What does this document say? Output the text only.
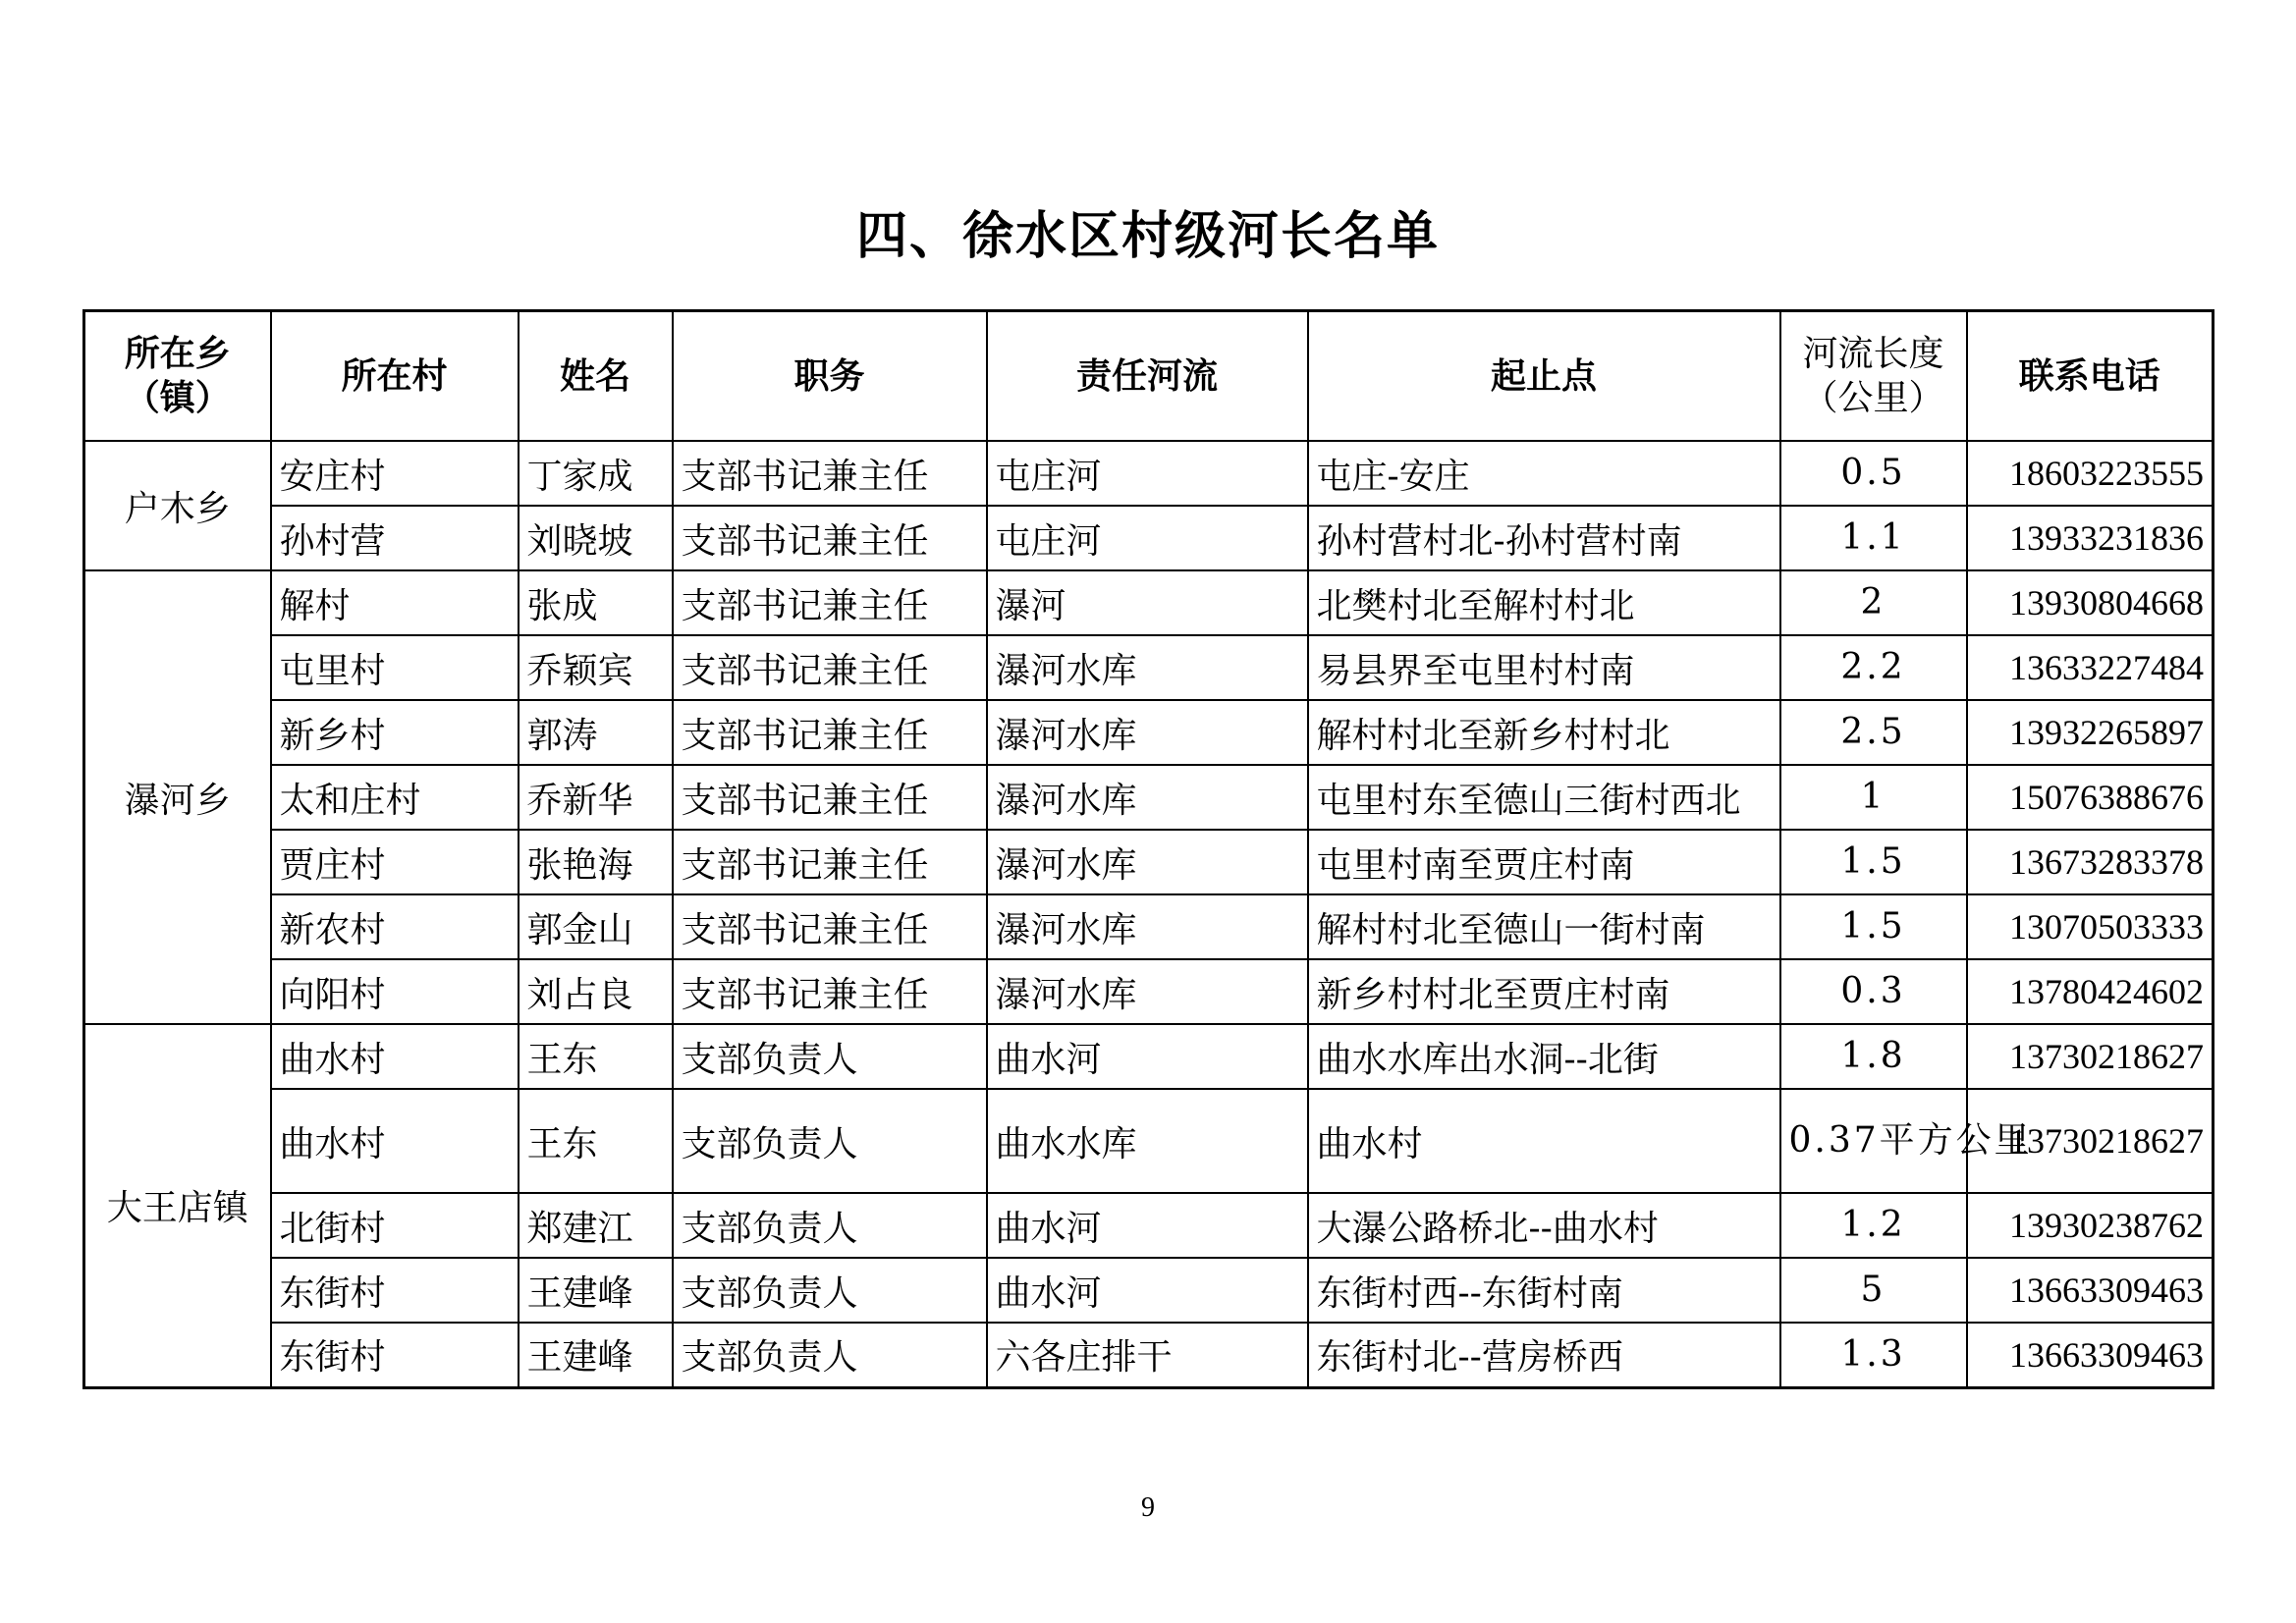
四、徐水区村级河长名单
所在乡（镇）	所在村	姓名	职务	责任河流	起止点	河流长度（公里）	联系电话
户木乡	安庄村	丁家成	支部书记兼主任	屯庄河	屯庄-安庄	0.5	18603223555
	孙村营	刘晓坡	支部书记兼主任	屯庄河	孙村营村北-孙村营村南	1.1	13933231836
瀑河乡	解村	张成	支部书记兼主任	瀑河	北樊村北至解村村北	2	13930804668
	屯里村	乔颖宾	支部书记兼主任	瀑河水库	易县界至屯里村村南	2.2	13633227484
	新乡村	郭涛	支部书记兼主任	瀑河水库	解村村北至新乡村村北	2.5	13932265897
	太和庄村	乔新华	支部书记兼主任	瀑河水库	屯里村东至德山三街村西北	1	15076388676
	贾庄村	张艳海	支部书记兼主任	瀑河水库	屯里村南至贾庄村南	1.5	13673283378
	新农村	郭金山	支部书记兼主任	瀑河水库	解村村北至德山一街村南	1.5	13070503333
	向阳村	刘占良	支部书记兼主任	瀑河水库	新乡村村北至贾庄村南	0.3	13780424602
大王店镇	曲水村	王东	支部负责人	曲水河	曲水水库出水洞--北街	1.8	13730218627
	曲水村	王东	支部负责人	曲水水库	曲水村	0.37平方公里	13730218627
	北街村	郑建江	支部负责人	曲水河	大瀑公路桥北--曲水村	1.2	13930238762
	东街村	王建峰	支部负责人	曲水河	东街村西--东街村南	5	13663309463
	东街村	王建峰	支部负责人	六各庄排干	东街村北--营房桥西	1.3	13663309463
9
